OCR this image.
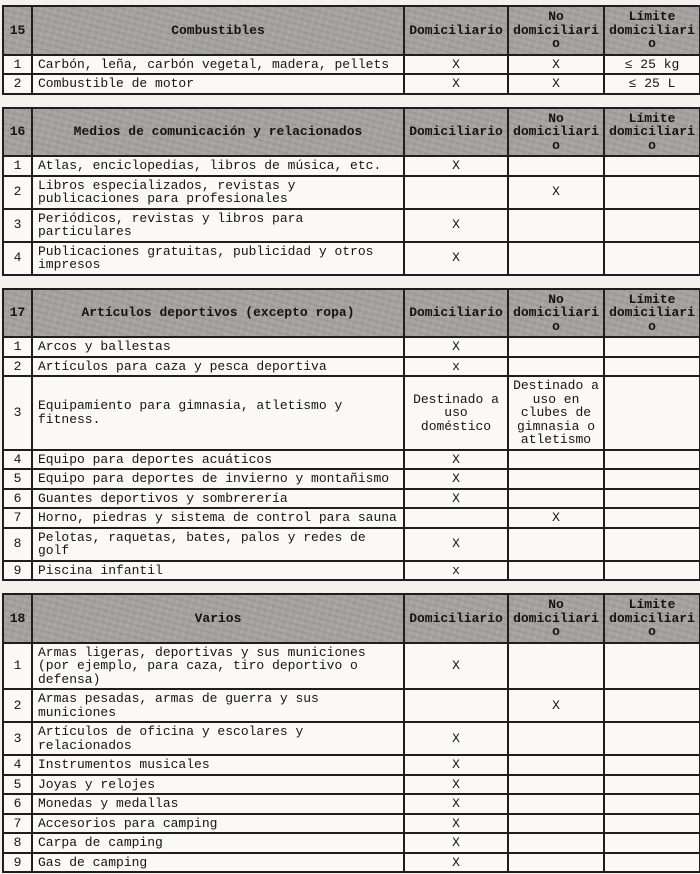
15	Combustibles	Domiciliario	No domiciliario	Límite domiciliario
1	Carbón, leña, carbón vegetal, madera, pellets	X	X	≤ 25 kg
2	Combustible de motor	X	X	≤ 25 L
16	Medios de comunicación y relacionados	Domiciliario	No domiciliario	Límite domiciliario
1	Atlas, enciclopedias, libros de música, etc.	X		
2	Libros especializados, revistas y publicaciones para profesionales		X	
3	Periódicos, revistas y libros para particulares	X		
4	Publicaciones gratuitas, publicidad y otros impresos	X		
17	Artículos deportivos (excepto ropa)	Domiciliario	No domiciliario	Límite domiciliario
1	Arcos y ballestas	X		
2	Artículos para caza y pesca deportiva	x		
3	Equipamiento para gimnasia, atletismo y fitness.	Destinado a uso doméstico	Destinado a uso en clubes de gimnasia o atletismo	
4	Equipo para deportes acuáticos	X		
5	Equipo para deportes de invierno y montañismo	X		
6	Guantes deportivos y sombrerería	X		
7	Horno, piedras y sistema de control para sauna		X	
8	Pelotas, raquetas, bates, palos y redes de golf	X		
9	Piscina infantil	x		
18	Varios	Domiciliario	No domiciliario	Límite domiciliario
1	Armas ligeras, deportivas y sus municiones (por ejemplo, para caza, tiro deportivo o defensa)	X		
2	Armas pesadas, armas de guerra y sus municiones		X	
3	Artículos de oficina y escolares y relacionados	X		
4	Instrumentos musicales	X		
5	Joyas y relojes	X		
6	Monedas y medallas	X		
7	Accesorios para camping	X		
8	Carpa de camping	X		
9	Gas de camping	X		
